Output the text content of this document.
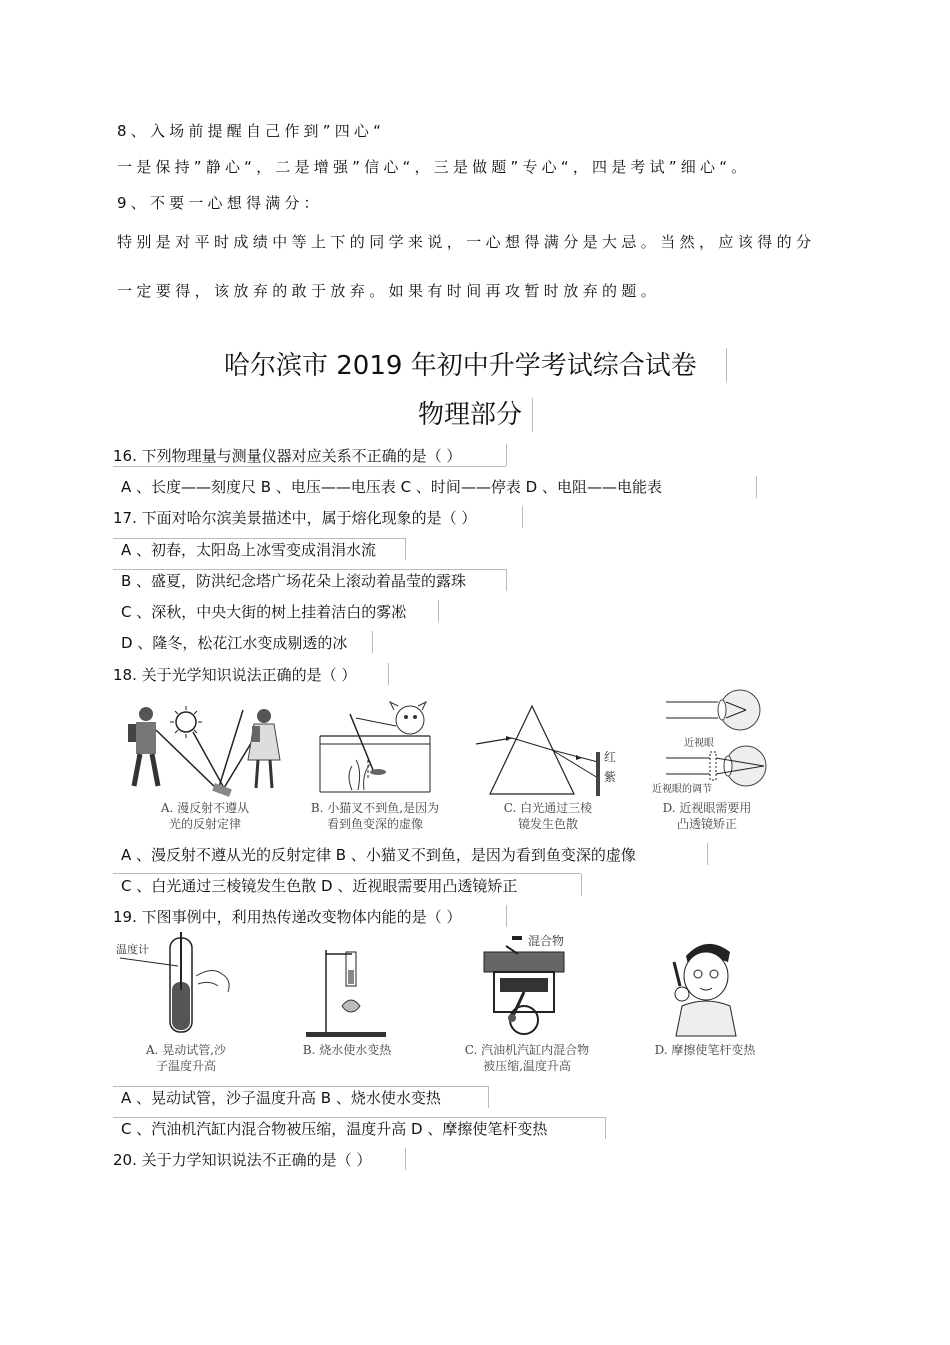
8、入场前提醒自己作到”四心“
一是保持”静心“，二是增强”信心“，三是做题”专心“，四是考试”细心“。
9、不要一心想得满分：
特别是对平时成绩中等上下的同学来说，一心想得满分是大忌。当然，应该得的分
一定要得，该放弃的敢于放弃。如果有时间再攻暂时放弃的题。
哈尔滨市 2019 年初中升学考试综合试卷
物理部分
16. 下列物理量与测量仪器对应关系不正确的是（ ）
A 、长度——刻度尺 B 、电压——电压表 C 、时间——停表 D 、电阻——电能表
17. 下面对哈尔滨美景描述中，属于熔化现象的是（ ）
A 、初春，太阳岛上冰雪变成涓涓水流
B 、盛夏，防洪纪念塔广场花朵上滚动着晶莹的露珠
C 、深秋，中央大街的树上挂着洁白的雾凇
D 、隆冬，松花江水变成剔透的冰
18. 关于光学知识说法正确的是（ ）
A. 漫反射不遵从
光的反射定律
B. 小猫叉不到鱼,是因为
看到鱼变深的虚像
红
紫
C. 白光通过三棱
镜发生色散
近视眼
近视眼的调节
D. 近视眼需要用
凸透镜矫正
A 、漫反射不遵从光的反射定律 B 、小猫叉不到鱼，是因为看到鱼变深的虚像
C 、白光通过三棱镜发生色散 D 、近视眼需要用凸透镜矫正
19. 下图事例中，利用热传递改变物体内能的是（ ）
温度计
A. 晃动试管,沙
子温度升高
B. 烧水使水变热
混合物
C. 汽油机汽缸内混合物
被压缩,温度升高
D. 摩擦使笔杆变热
A 、晃动试管，沙子温度升高 B 、烧水使水变热
C 、汽油机汽缸内混合物被压缩，温度升高 D 、摩擦使笔杆变热
20. 关于力学知识说法不正确的是（ ）
